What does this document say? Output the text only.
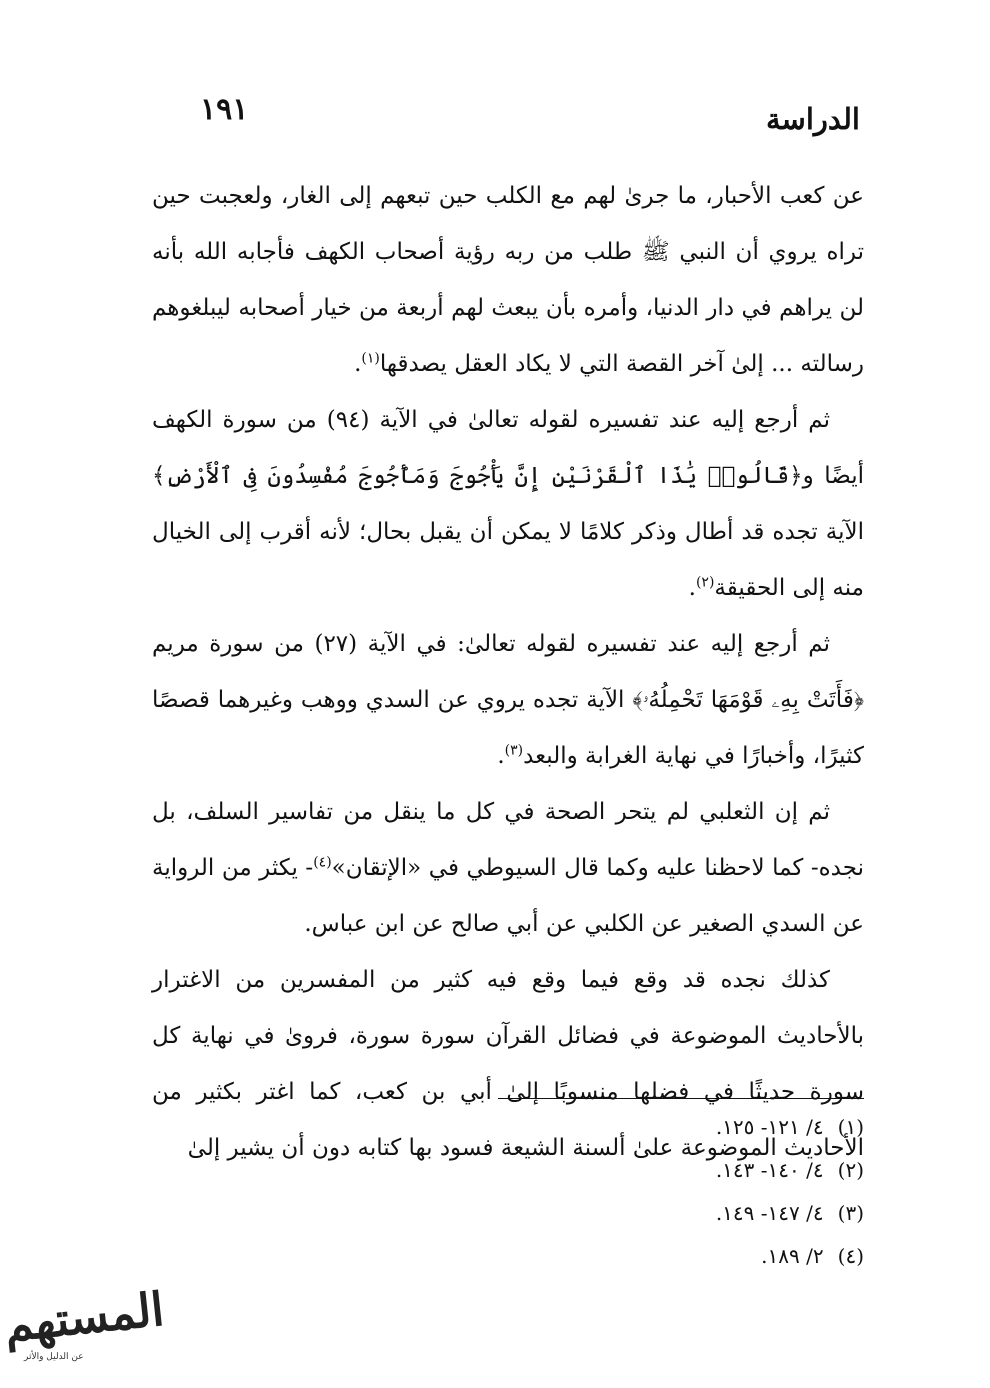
الدراسة
١٩١

عن كعب الأحبار، ما جرىٰ لهم مع الكلب حين تبعهم إلى الغار، ولعجبت حين تراه يروي أن النبي ﷺ طلب من ربه رؤية أصحاب الكهف فأجابه الله بأنه لن يراهم في دار الدنيا، وأمره بأن يبعث لهم أربعة من خيار أصحابه ليبلغوهم رسالته ... إلىٰ آخر القصة التي لا يكاد العقل يصدقها$^{(١)}$.

ثم أرجع إليه عند تفسيره لقوله تعالىٰ في الآية (٩٤) من سورة الكهف أيضًا و﴿قَالُوا۟ يَٰذَا ٱلْقَرْنَيْنِ إِنَّ يَأْجُوجَ وَمَأْجُوجَ مُفْسِدُونَ فِى ٱلْأَرْضِ﴾ الآية تجده قد أطال وذكر كلامًا لا يمكن أن يقبل بحال؛ لأنه أقرب إلى الخيال منه إلى الحقيقة$^{(٢)}$.

ثم أرجع إليه عند تفسيره لقوله تعالىٰ: في الآية (٢٧) من سورة مريم ﴿فَأَتَتْ بِهِۦ قَوْمَهَا تَحْمِلُهُۥ﴾ الآية تجده يروي عن السدي ووهب وغيرهما قصصًا كثيرًا، وأخبارًا في نهاية الغرابة والبعد$^{(٣)}$.

ثم إن الثعلبي لم يتحر الصحة في كل ما ينقل من تفاسير السلف، بل نجده- كما لاحظنا عليه وكما قال السيوطي في «الإتقان»$^{(٤)}$- يكثر من الرواية عن السدي الصغير عن الكلبي عن أبي صالح عن ابن عباس.

كذلك نجده قد وقع فيما وقع فيه كثير من المفسرين من الاغترار بالأحاديث الموضوعة في فضائل القرآن سورة سورة، فروىٰ في نهاية كل سورة حديثًا في فضلها منسوبًا إلىٰ أبي بن كعب، كما اغتر بكثير من الأحاديث الموضوعة علىٰ ألسنة الشيعة فسود بها كتابه دون أن يشير إلىٰ

(١)٤/ ١٢١- ١٢٥.
(٢)٤/ ١٤٠- ١٤٣.
(٣)٤/ ١٤٧- ١٤٩.
(٤)٢/ ١٨٩.
المستهم
عن الدليل والأثر
